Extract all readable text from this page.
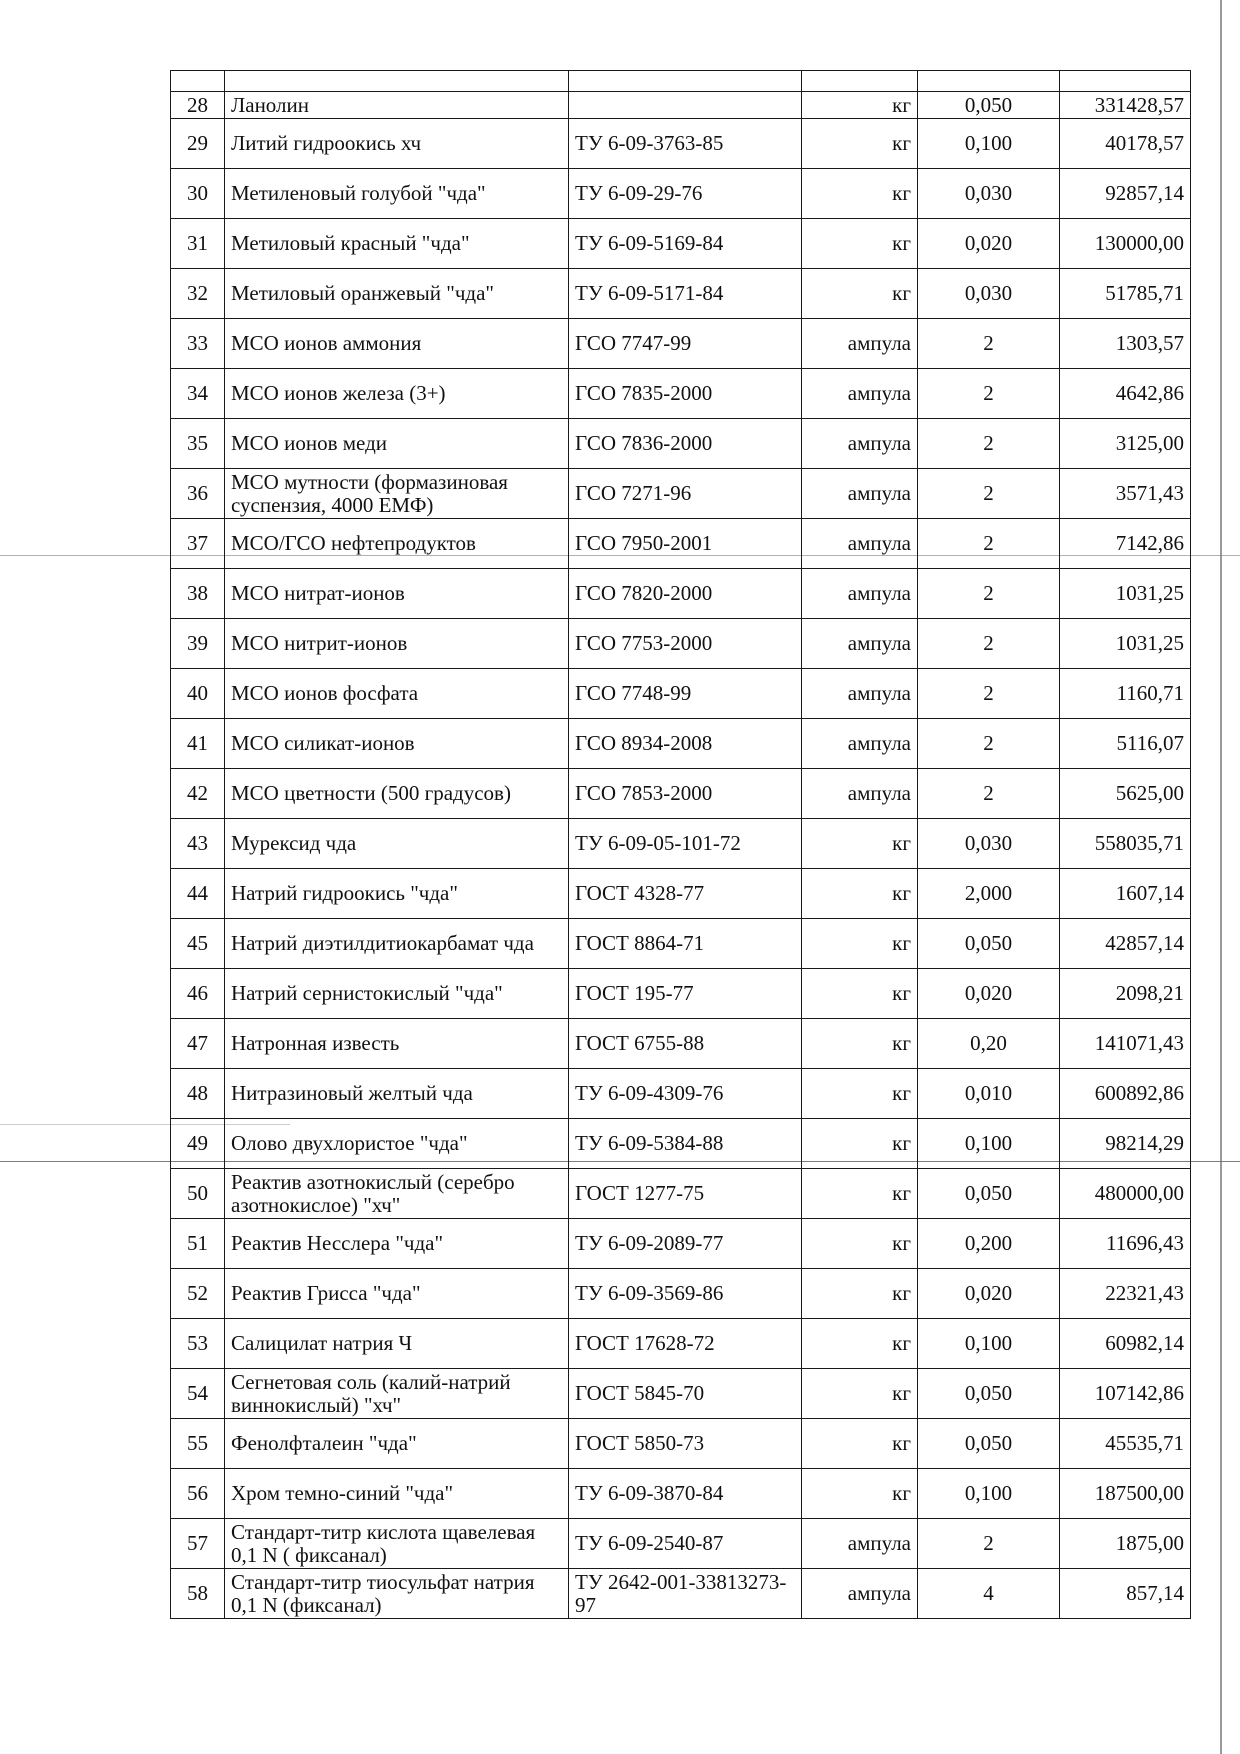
28	Ланолин		кг	0,050	331428,57
29	Литий гидроокись хч	ТУ 6-09-3763-85	кг	0,100	40178,57
30	Метиленовый голубой "чда"	ТУ 6-09-29-76	кг	0,030	92857,14
31	Метиловый красный "чда"	ТУ 6-09-5169-84	кг	0,020	130000,00
32	Метиловый оранжевый "чда"	ТУ 6-09-5171-84	кг	0,030	51785,71
33	МСО ионов аммония	ГСО 7747-99	ампула	2	1303,57
34	МСО ионов железа (3+)	ГСО 7835-2000	ампула	2	4642,86
35	МСО ионов меди	ГСО 7836-2000	ампула	2	3125,00
36	МСО мутности (формазиновая суспензия, 4000 ЕМФ)	ГСО 7271-96	ампула	2	3571,43
37	МСО/ГСО нефтепродуктов	ГСО 7950-2001	ампула	2	7142,86
38	МСО нитрат-ионов	ГСО 7820-2000	ампула	2	1031,25
39	МСО нитрит-ионов	ГСО 7753-2000	ампула	2	1031,25
40	МСО ионов фосфата	ГСО 7748-99	ампула	2	1160,71
41	МСО силикат-ионов	ГСО 8934-2008	ампула	2	5116,07
42	МСО цветности (500 градусов)	ГСО 7853-2000	ампула	2	5625,00
43	Мурексид чда	ТУ 6-09-05-101-72	кг	0,030	558035,71
44	Натрий гидроокись "чда"	ГОСТ 4328-77	кг	2,000	1607,14
45	Натрий диэтилдитиокарбамат чда	ГОСТ 8864-71	кг	0,050	42857,14
46	Натрий сернистокислый "чда"	ГОСТ 195-77	кг	0,020	2098,21
47	Натронная известь	ГОСТ 6755-88	кг	0,20	141071,43
48	Нитразиновый желтый чда	ТУ 6-09-4309-76	кг	0,010	600892,86
49	Олово двухлористое "чда"	ТУ 6-09-5384-88	кг	0,100	98214,29
50	Реактив азотнокислый (серебро азотнокислое) "хч"	ГОСТ 1277-75	кг	0,050	480000,00
51	Реактив Несслера "чда"	ТУ 6-09-2089-77	кг	0,200	11696,43
52	Реактив Грисса "чда"	ТУ 6-09-3569-86	кг	0,020	22321,43
53	Салицилат натрия Ч	ГОСТ 17628-72	кг	0,100	60982,14
54	Сегнетовая соль (калий-натрий виннокислый) "хч"	ГОСТ 5845-70	кг	0,050	107142,86
55	Фенолфталеин "чда"	ГОСТ 5850-73	кг	0,050	45535,71
56	Хром темно-синий "чда"	ТУ 6-09-3870-84	кг	0,100	187500,00
57	Стандарт-титр кислота щавелевая 0,1 N ( фиксанал)	ТУ 6-09-2540-87	ампула	2	1875,00
58	Стандарт-титр тиосульфат натрия 0,1 N (фиксанал)	ТУ 2642-001-33813273-97	ампула	4	857,14
